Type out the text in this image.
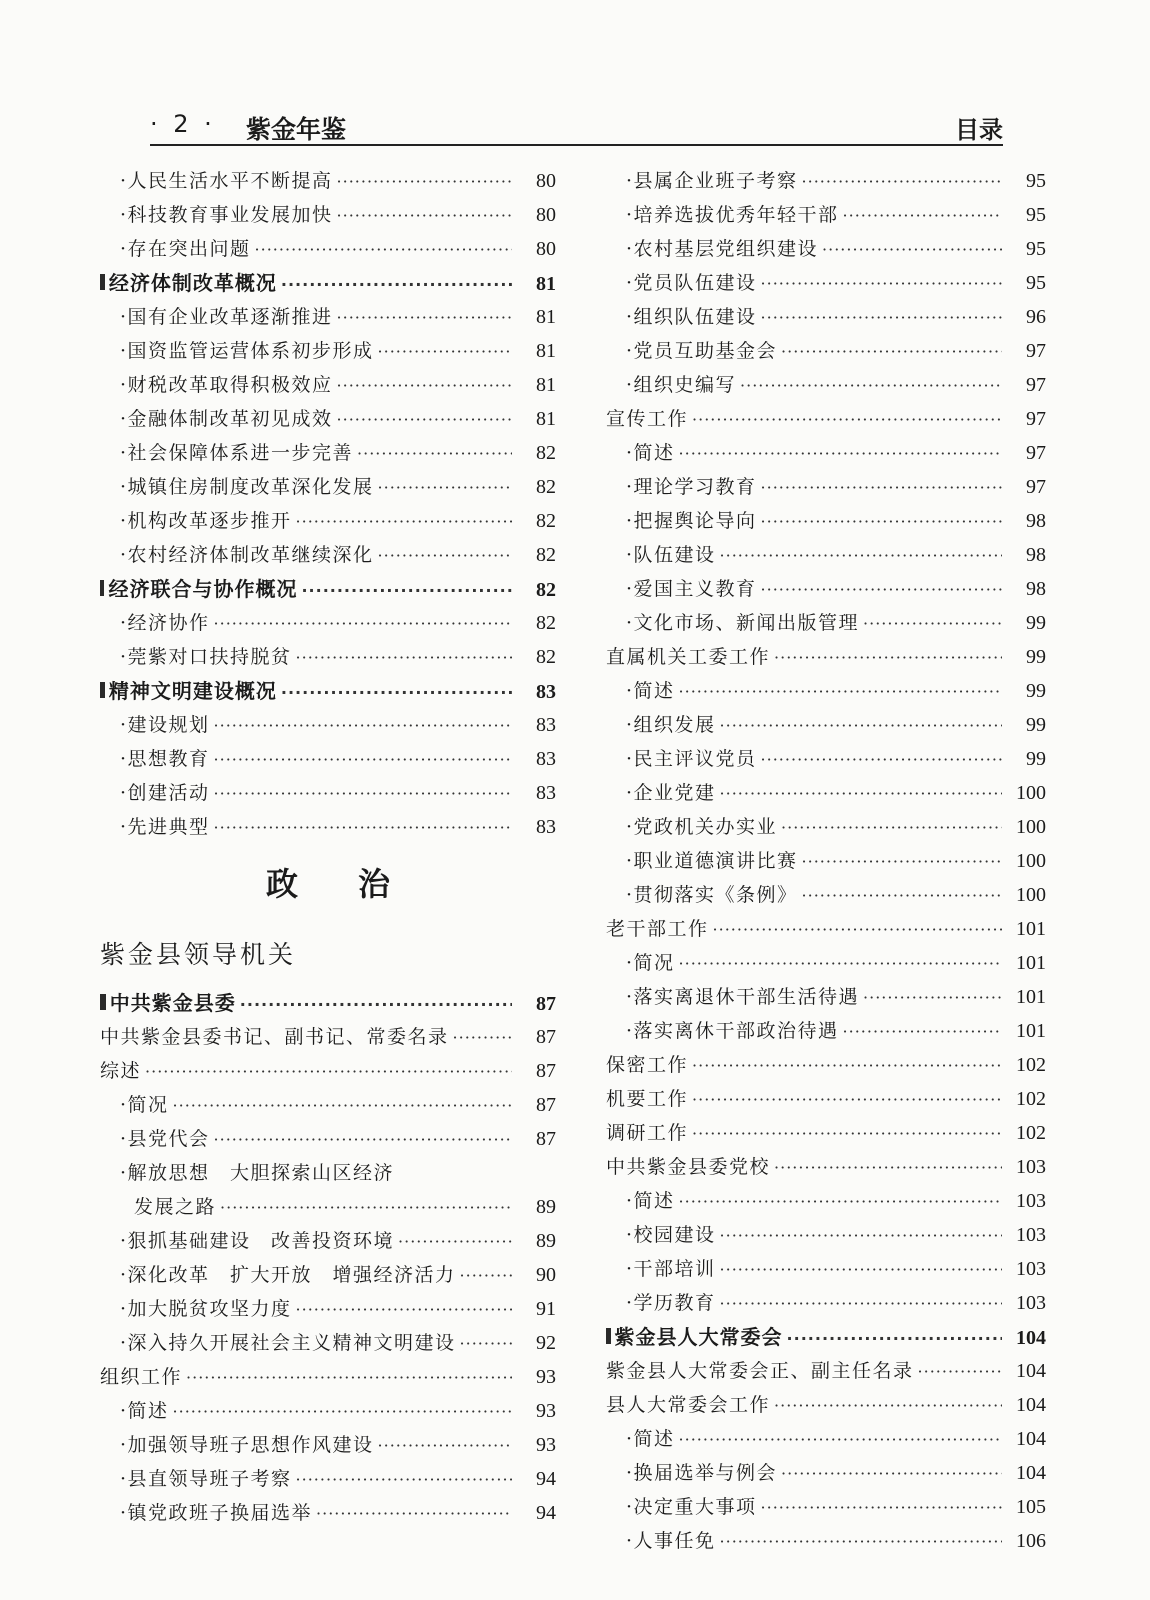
· 2 · 紫金年鉴	目录
·人民生活水平不断提高 ·····	80
·科技教育事业发展加快 ·····	80
·存在突出问题 ·····	80
经济体制改革概况 ·····	81
·国有企业改革逐渐推进 ·····	81
·国资监管运营体系初步形成 ·····	81
·财税改革取得积极效应 ·····	81
·金融体制改革初见成效 ·····	81
·社会保障体系进一步完善 ·····	82
·城镇住房制度改革深化发展 ·····	82
·机构改革逐步推开 ·····	82
·农村经济体制改革继续深化 ·····	82
经济联合与协作概况 ·····	82
·经济协作 ·····	82
·莞紫对口扶持脱贫 ·····	82
精神文明建设概况 ·····	83
·建设规划 ·····	83
·思想教育 ·····	83
·创建活动 ·····	83
·先进典型 ·····	83
政治
紫金县领导机关
中共紫金县委 ·····	87
中共紫金县委书记、副书记、常委名录 ·····	87
综述 ·····	87
·简况 ·····	87
·县党代会 ·····	87
·解放思想　大胆探索山区经济
发展之路 ·····	89
·狠抓基础建设　改善投资环境 ·····	89
·深化改革　扩大开放　增强经济活力 ·····	90
·加大脱贫攻坚力度 ·····	91
·深入持久开展社会主义精神文明建设 ·····	92
组织工作 ·····	93
·简述 ·····	93
·加强领导班子思想作风建设 ·····	93
·县直领导班子考察 ·····	94
·镇党政班子换届选举 ·····	94
·县属企业班子考察 ·····	95
·培养选拔优秀年轻干部 ·····	95
·农村基层党组织建设 ·····	95
·党员队伍建设 ·····	95
·组织队伍建设 ·····	96
·党员互助基金会 ·····	97
·组织史编写 ·····	97
宣传工作 ·····	97
·简述 ·····	97
·理论学习教育 ·····	97
·把握舆论导向 ·····	98
·队伍建设 ·····	98
·爱国主义教育 ·····	98
·文化市场、新闻出版管理 ·····	99
直属机关工委工作 ·····	99
·简述 ·····	99
·组织发展 ·····	99
·民主评议党员 ·····	99
·企业党建 ·····	100
·党政机关办实业 ·····	100
·职业道德演讲比赛 ·····	100
·贯彻落实《条例》 ·····	100
老干部工作 ·····	101
·简况 ·····	101
·落实离退休干部生活待遇 ·····	101
·落实离休干部政治待遇 ·····	101
保密工作 ·····	102
机要工作 ·····	102
调研工作 ·····	102
中共紫金县委党校 ·····	103
·简述 ·····	103
·校园建设 ·····	103
·干部培训 ·····	103
·学历教育 ·····	103
紫金县人大常委会 ·····	104
紫金县人大常委会正、副主任名录 ·····	104
县人大常委会工作 ·····	104
·简述 ·····	104
·换届选举与例会 ·····	104
·决定重大事项 ·····	105
·人事任免 ·····	106
